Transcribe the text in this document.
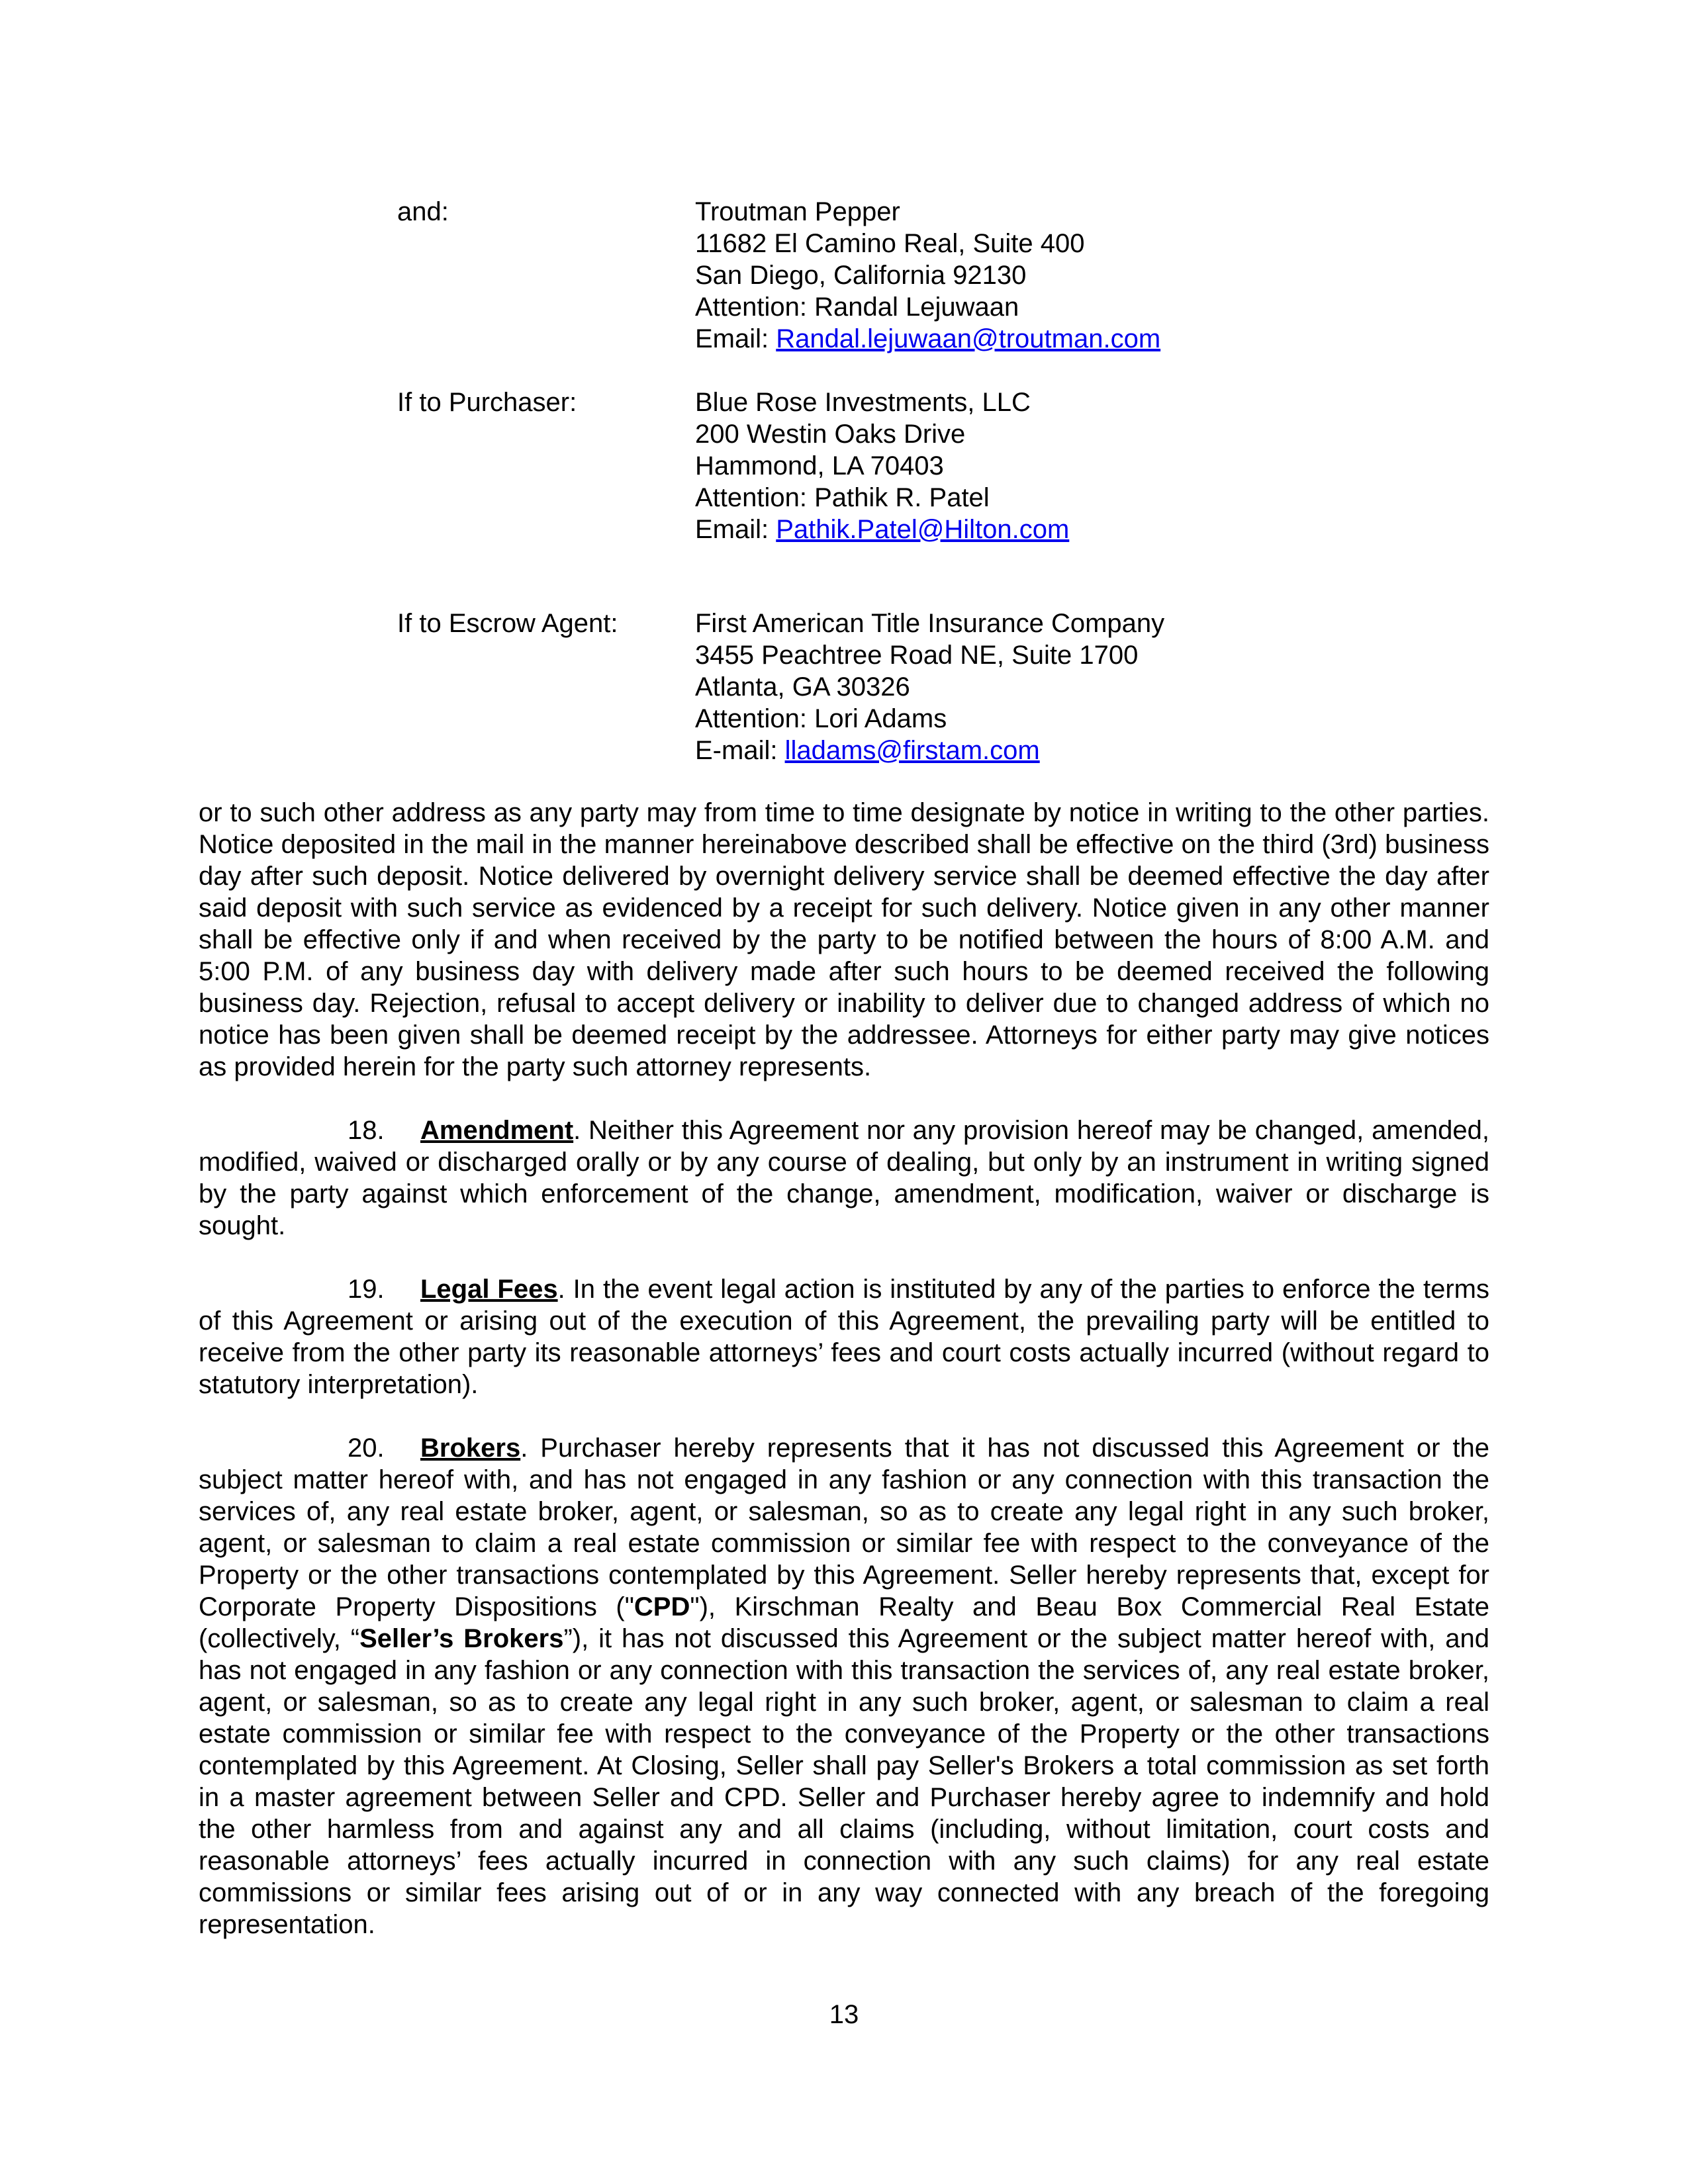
and:	Troutman Pepper
11682 El Camino Real, Suite 400
San Diego, California 92130
Attention: Randal Lejuwaan
Email: Randal.lejuwaan@troutman.com
If to Purchaser:	Blue Rose Investments, LLC
200 Westin Oaks Drive
Hammond, LA 70403
Attention: Pathik R. Patel
Email: Pathik.Patel@Hilton.com
If to Escrow Agent:	First American Title Insurance Company
3455 Peachtree Road NE, Suite 1700
Atlanta, GA 30326
Attention: Lori Adams
E-mail: lladams@firstam.com

or to such other address as any party may from time to time designate by notice in writing to the other parties. Notice deposited in the mail in the manner hereinabove described shall be effective on the third (3rd) business day after such deposit. Notice delivered by overnight delivery service shall be deemed effective the day after said deposit with such service as evidenced by a receipt for such delivery. Notice given in any other manner shall be effective only if and when received by the party to be notified between the hours of 8:00 A.M. and 5:00 P.M. of any business day with delivery made after such hours to be deemed received the following business day. Rejection, refusal to accept delivery or inability to deliver due to changed address of which no notice has been given shall be deemed receipt by the addressee. Attorneys for either party may give notices as provided herein for the party such attorney represents.

18. Amendment. Neither this Agreement nor any provision hereof may be changed, amended, modified, waived or discharged orally or by any course of dealing, but only by an instrument in writing signed by the party against which enforcement of the change, amendment, modification, waiver or discharge is sought.

19. Legal Fees. In the event legal action is instituted by any of the parties to enforce the terms of this Agreement or arising out of the execution of this Agreement, the prevailing party will be entitled to receive from the other party its reasonable attorneys’ fees and court costs actually incurred (without regard to statutory interpretation).

20. Brokers. Purchaser hereby represents that it has not discussed this Agreement or the subject matter hereof with, and has not engaged in any fashion or any connection with this transaction the services of, any real estate broker, agent, or salesman, so as to create any legal right in any such broker, agent, or salesman to claim a real estate commission or similar fee with respect to the conveyance of the Property or the other transactions contemplated by this Agreement. Seller hereby represents that, except for Corporate Property Dispositions ("CPD"), Kirschman Realty and Beau Box Commercial Real Estate (collectively, “Seller’s Brokers”), it has not discussed this Agreement or the subject matter hereof with, and has not engaged in any fashion or any connection with this transaction the services of, any real estate broker, agent, or salesman, so as to create any legal right in any such broker, agent, or salesman to claim a real estate commission or similar fee with respect to the conveyance of the Property or the other transactions contemplated by this Agreement. At Closing, Seller shall pay Seller's Brokers a total commission as set forth in a master agreement between Seller and CPD. Seller and Purchaser hereby agree to indemnify and hold the other harmless from and against any and all claims (including, without limitation, court costs and reasonable attorneys’ fees actually incurred in connection with any such claims) for any real estate commissions or similar fees arising out of or in any way connected with any breach of the foregoing representation.

13
